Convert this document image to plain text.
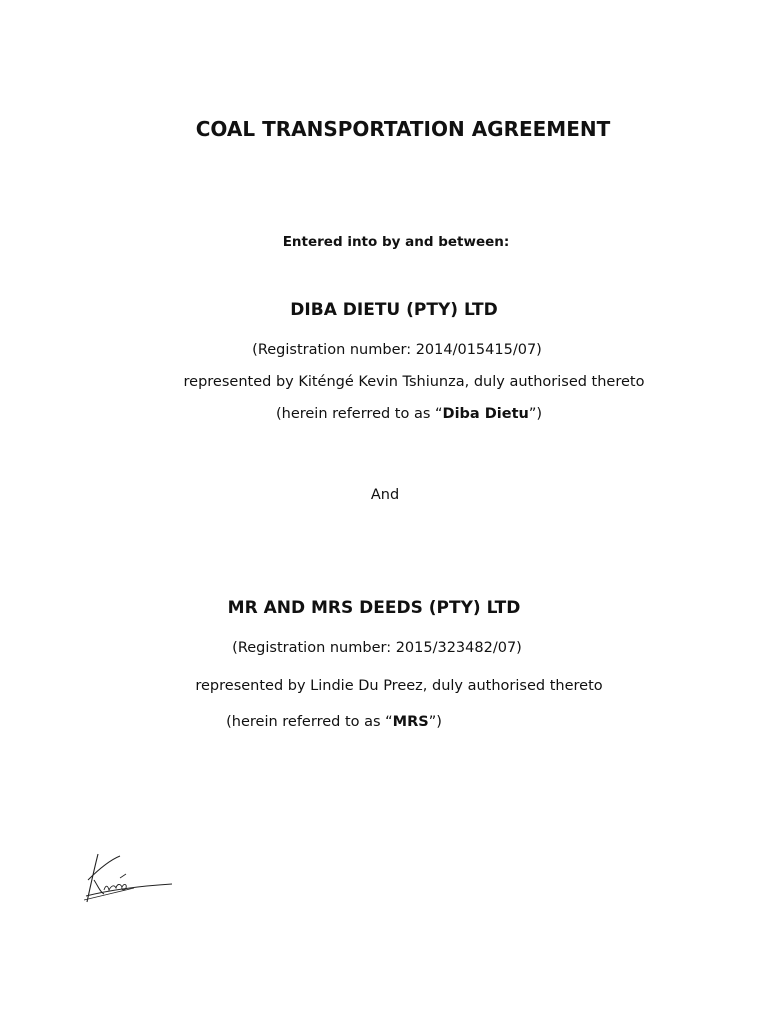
COAL TRANSPORTATION AGREEMENT
Entered into by and between:
DIBA DIETU (PTY) LTD
(Registration number: 2014/015415/07)
represented by Kiténgé Kevin Tshiunza, duly authorised thereto
(herein referred to as “Diba Dietu”)
And
MR AND MRS DEEDS (PTY) LTD
(Registration number: 2015/323482/07)
represented by Lindie Du Preez, duly authorised thereto
(herein referred to as “MRS”)
